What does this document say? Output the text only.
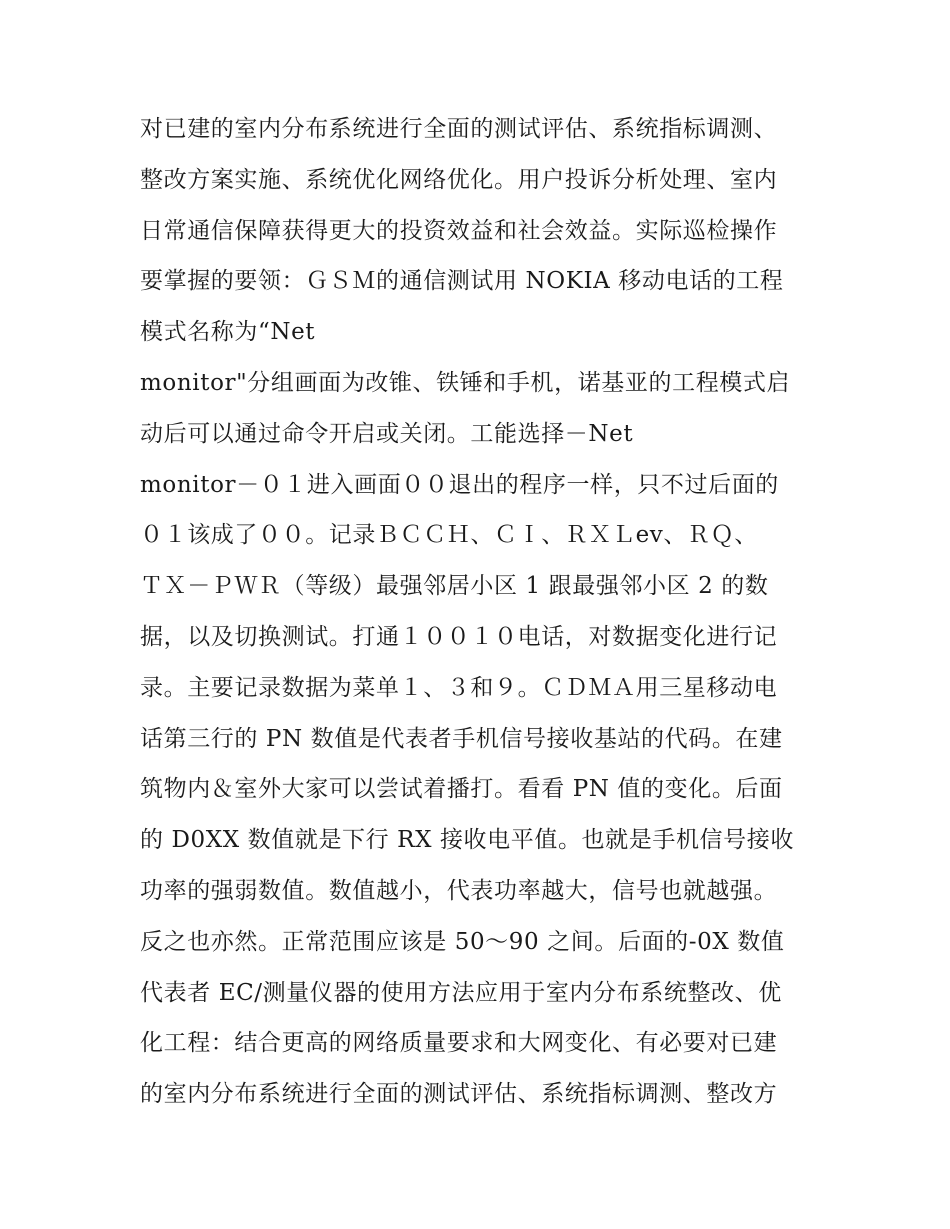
对已建的室内分布系统进行全面的测试评估、系统指标调测、
整改方案实施、系统优化网络优化。用户投诉分析处理、室内
日常通信保障获得更大的投资效益和社会效益。实际巡检操作
要掌握的要领：ＧＳＭ的通信测试用 NOKIA 移动电话的工程
模式名称为“Net
monitor"分组画面为改锥、铁锤和手机，诺基亚的工程模式启
动后可以通过命令开启或关闭。工能选择－Net
monitor－０１进入画面００退出的程序一样，只不过后面的
０１该成了００。记录ＢＣＣＨ、ＣＩ、ＲＸＬev、ＲＱ、
ＴＸ－ＰＷＲ（等级）最强邻居小区 1 跟最强邻小区 2 的数
据，以及切换测试。打通１００１０电话，对数据变化进行记
录。主要记录数据为菜单１、３和９。ＣＤＭＡ用三星移动电
话第三行的 PN 数值是代表者手机信号接收基站的代码。在建
筑物内＆室外大家可以尝试着播打。看看 PN 值的变化。后面
的 D0XX 数值就是下行 RX 接收电平值。也就是手机信号接收
功率的强弱数值。数值越小，代表功率越大，信号也就越强。
反之也亦然。正常范围应该是 50～90 之间。后面的-0X 数值
代表者 EC/测量仪器的使用方法应用于室内分布系统整改、优
化工程：结合更高的网络质量要求和大网变化、有必要对已建
的室内分布系统进行全面的测试评估、系统指标调测、整改方
